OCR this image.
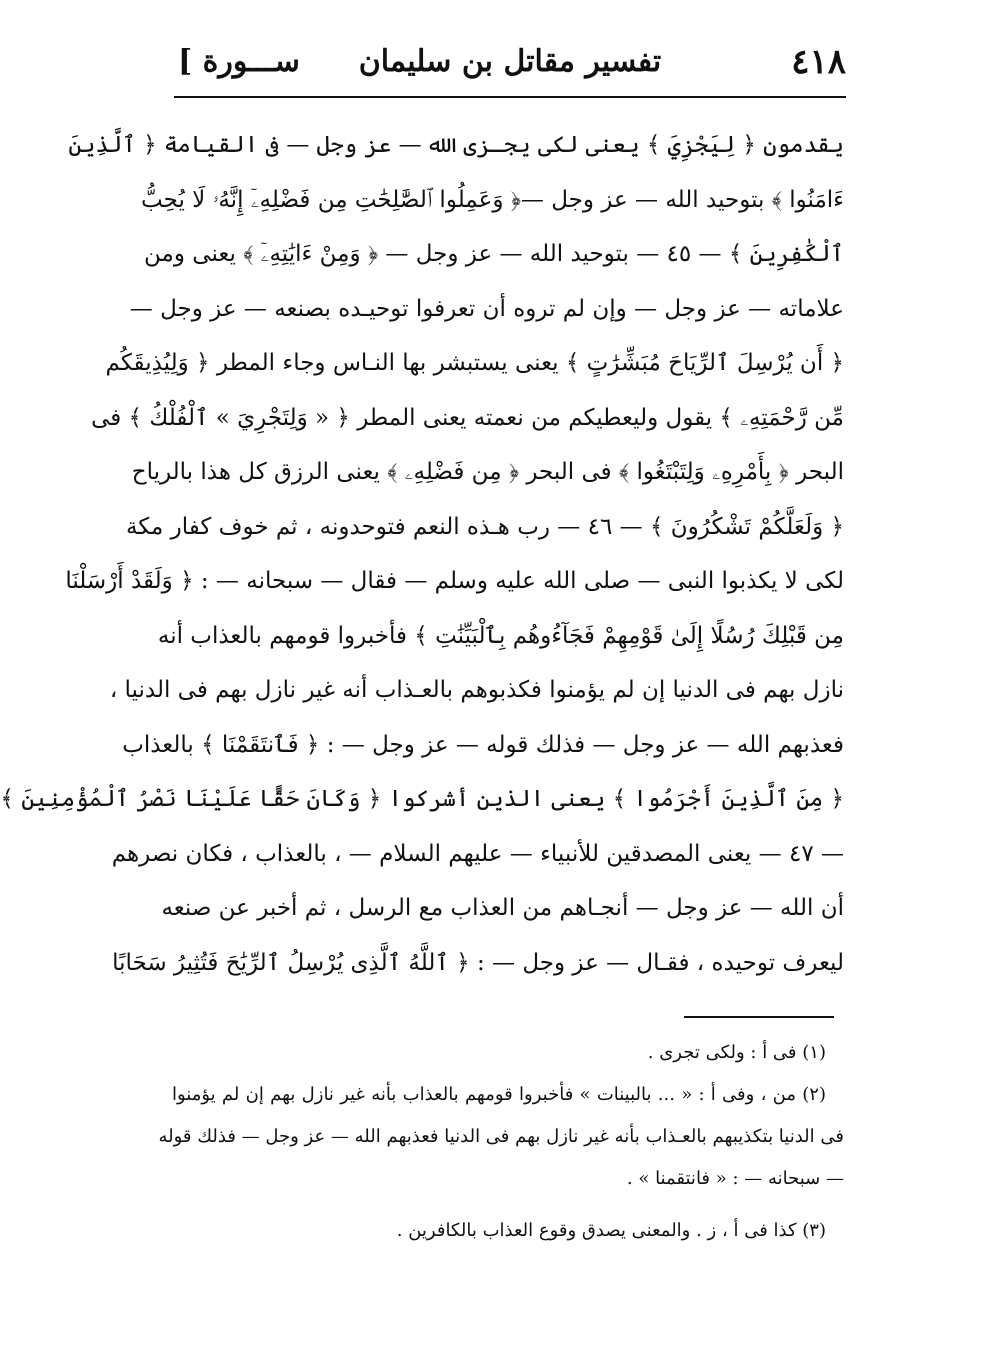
٤١٨
تفسير مقاتل بن سليمان
[ ســـورة
يقدمون ﴿ لِيَجْزِيَ ﴾ يعنى لكى يجـزى الله — عز وجل — فى القيامة ﴿ ٱلَّذِينَ
ءَامَنُوا ﴾ بتوحيد الله — عز وجل —﴿ وَعَمِلُوا ٱلصَّٰلِحَٰتِ مِن فَضْلِهِۦٓ إِنَّهُۥ لَا يُحِبُّ
ٱلْكَٰفِرِينَ ﴾ — ٤٥ — بتوحيد الله — عز وجل — ﴿ وَمِنْ ءَايَٰتِهِۦٓ ﴾ يعنى ومن
علاماته — عز وجل — وإن لم تروه أن تعرفوا توحيـده بصنعه — عز وجل —
﴿ أَن يُرْسِلَ ٱلرِّيَاحَ مُبَشِّرَٰتٍ ﴾ يعنى يستبشر بها النـاس وجاء المطر ﴿ وَلِيُذِيقَكُم
مِّن رَّحْمَتِهِۦ ﴾ يقول وليعطيكم من نعمته يعنى المطر ﴿ « وَلِتَجْرِيَ » ٱلْفُلْكُ ﴾ فى
البحر ﴿ بِأَمْرِهِۦ وَلِتَبْتَغُوا ﴾ فى البحر ﴿ مِن فَضْلِهِۦ ﴾ يعنى الرزق كل هذا بالرياح
﴿ وَلَعَلَّكُمْ تَشْكُرُونَ ﴾ — ٤٦ — رب هـذه النعم فتوحدونه ، ثم خوف كفار مكة
لكى لا يكذبوا النبى — صلى الله عليه وسلم — فقال — سبحانه — : ﴿ وَلَقَدْ أَرْسَلْنَا
مِن قَبْلِكَ رُسُلًا إِلَىٰ قَوْمِهِمْ فَجَآءُوهُم بِٱلْبَيِّنَٰتِ ﴾ فأخبروا قومهم بالعذاب أنه
نازل بهم فى الدنيا إن لم يؤمنوا فكذبوهم بالعـذاب أنه غير نازل بهم فى الدنيا ،
فعذبهم الله — عز وجل — فذلك قوله — عز وجل — : ﴿ فَٱنتَقَمْنَا ﴾ بالعذاب
﴿ مِنَ ٱلَّذِينَ أَجْرَمُوا ﴾ يعنى الذين أشركوا ﴿ وَكَانَ حَقًّا عَلَيْنَا نَصْرُ ٱلْمُؤْمِنِينَ ﴾
— ٤٧ — يعنى المصدقين للأنبياء — عليهم السلام — ، بالعذاب ، فكان نصرهم
أن الله — عز وجل — أنجـاهم من العذاب مع الرسل ، ثم أخبر عن صنعه
ليعرف توحيده ، فقـال — عز وجل — : ﴿ ٱللَّهُ ٱلَّذِى يُرْسِلُ ٱلرِّيَٰحَ فَتُثِيرُ سَحَابًا
(١) فى أ : ولكى تجرى .
(٢) من ، وفى أ : « ... بالبينات » فأخبروا قومهم بالعذاب بأنه غير نازل بهم إن لم يؤمنوا
فى الدنيا بتكذيبهم بالعـذاب بأنه غير نازل بهم فى الدنيا فعذبهم الله — عز وجل — فذلك قوله
— سبحانه — : « فانتقمنا » .
(٣) كذا فى أ ، ز . والمعنى يصدق وقوع العذاب بالكافرين .
